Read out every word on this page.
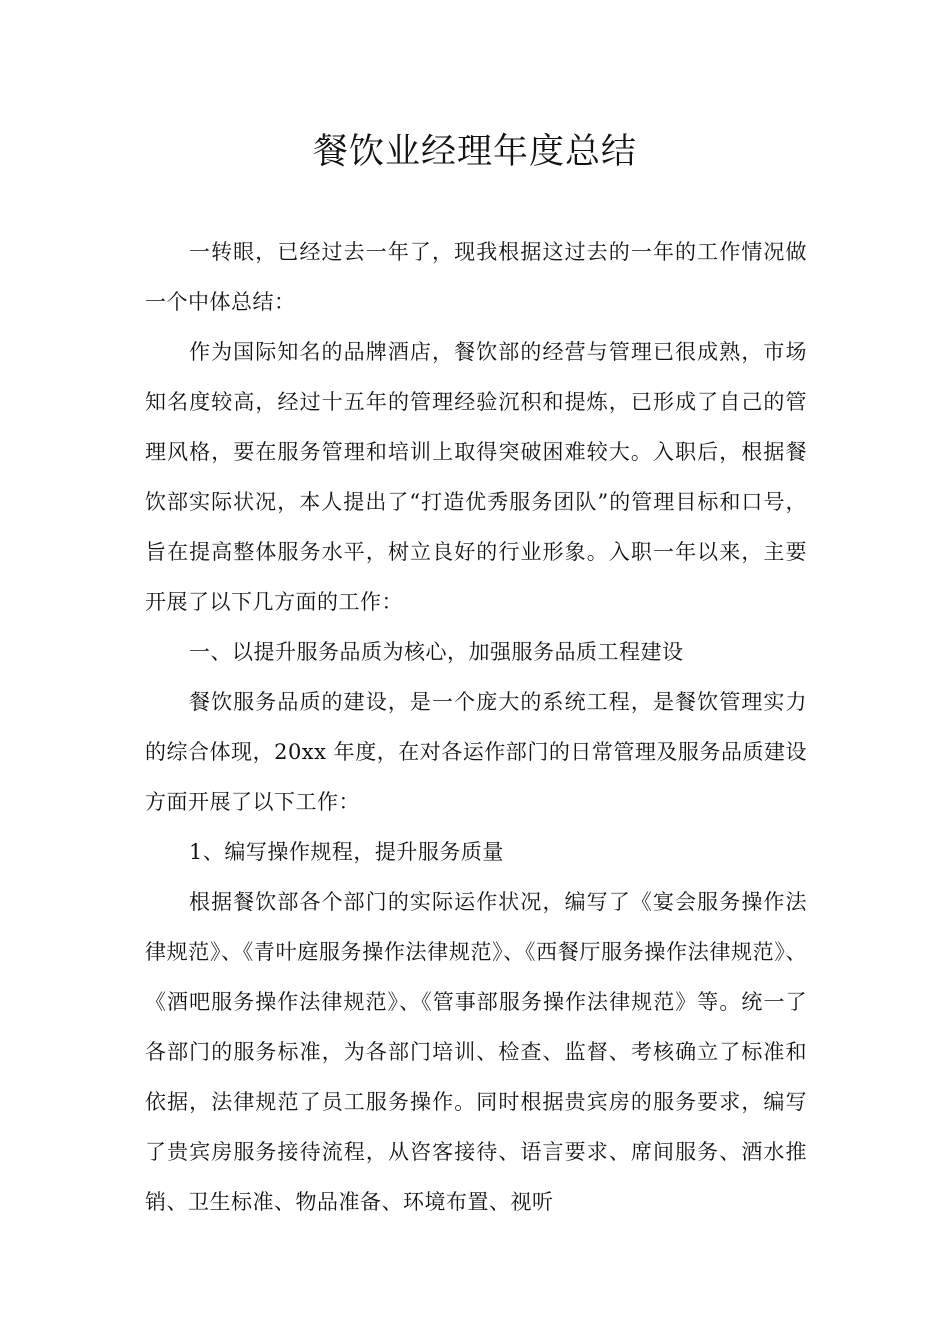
餐饮业经理年度总结

一转眼，已经过去一年了，现我根据这过去的一年的工作情况做一个中体总结：

作为国际知名的品牌酒店，餐饮部的经营与管理已很成熟，市场知名度较高，经过十五年的管理经验沉积和提炼，已形成了自己的管理风格，要在服务管理和培训上取得突破困难较大。入职后，根据餐饮部实际状况，本人提出了“打造优秀服务团队”的管理目标和口号，旨在提高整体服务水平，树立良好的行业形象。入职一年以来，主要开展了以下几方面的工作：

一、以提升服务品质为核心，加强服务品质工程建设

餐饮服务品质的建设，是一个庞大的系统工程，是餐饮管理实力的综合体现，20xx 年度，在对各运作部门的日常管理及服务品质建设方面开展了以下工作：

1、编写操作规程，提升服务质量

根据餐饮部各个部门的实际运作状况，编写了《宴会服务操作法律规范》、《青叶庭服务操作法律规范》、《西餐厅服务操作法律规范》、《酒吧服务操作法律规范》、《管事部服务操作法律规范》等。统一了各部门的服务标准，为各部门培训、检查、监督、考核确立了标准和依据，法律规范了员工服务操作。同时根据贵宾房的服务要求，编写了贵宾房服务接待流程，从咨客接待、语言要求、席间服务、酒水推销、卫生标准、物品准备、环境布置、视听
